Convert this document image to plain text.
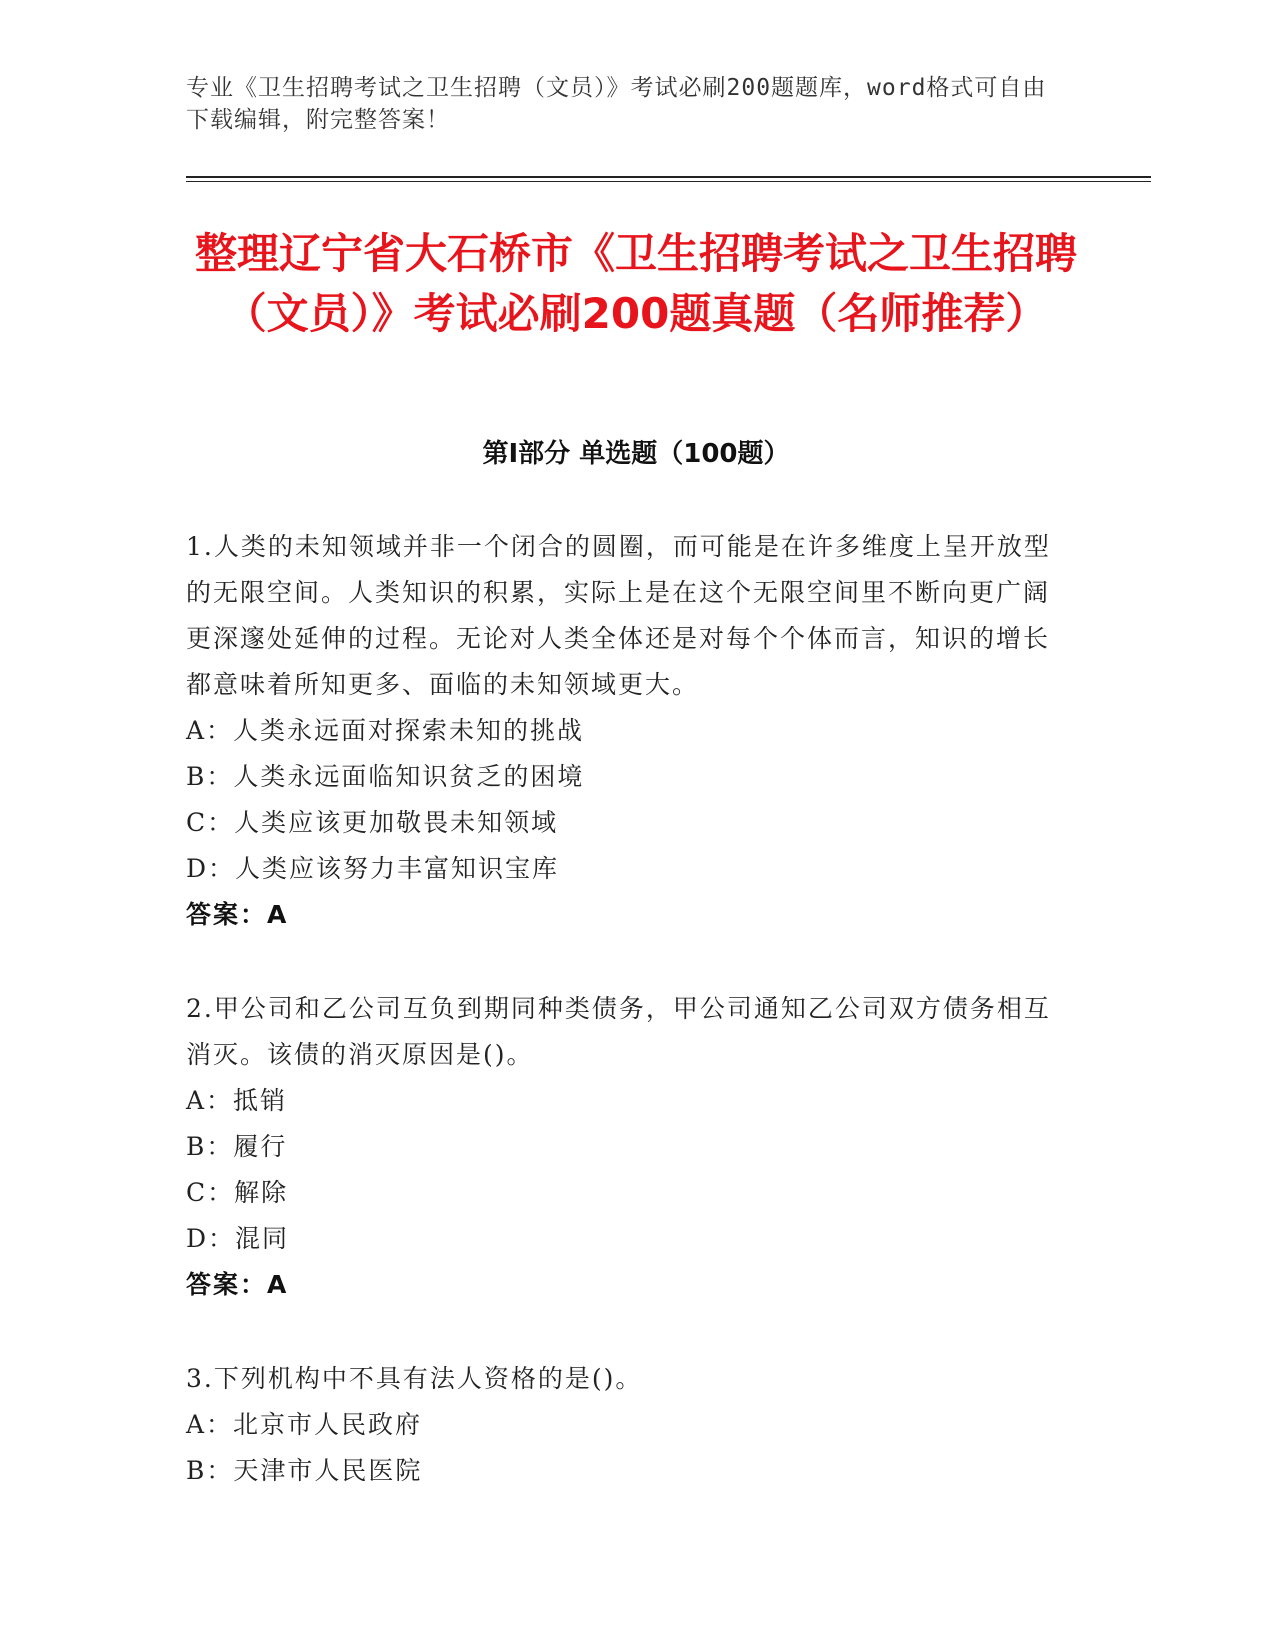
专业《卫生招聘考试之卫生招聘（文员）》考试必刷200题题库，word格式可自由下载编辑，附完整答案！
整理辽宁省大石桥市《卫生招聘考试之卫生招聘（文员）》考试必刷200题真题（名师推荐）
第I部分 单选题（100题）

1.人类的未知领域并非一个闭合的圆圈，而可能是在许多维度上呈开放型的无限空间。人类知识的积累，实际上是在这个无限空间里不断向更广阔更深邃处延伸的过程。无论对人类全体还是对每个个体而言，知识的增长都意味着所知更多、面临的未知领域更大。

A：人类永远面对探索未知的挑战

B：人类永远面临知识贫乏的困境

C：人类应该更加敬畏未知领域

D：人类应该努力丰富知识宝库

答案：A

2.甲公司和乙公司互负到期同种类债务，甲公司通知乙公司双方债务相互消灭。该债的消灭原因是()。

A：抵销

B：履行

C：解除

D：混同

答案：A

3.下列机构中不具有法人资格的是()。

A：北京市人民政府

B：天津市人民医院
